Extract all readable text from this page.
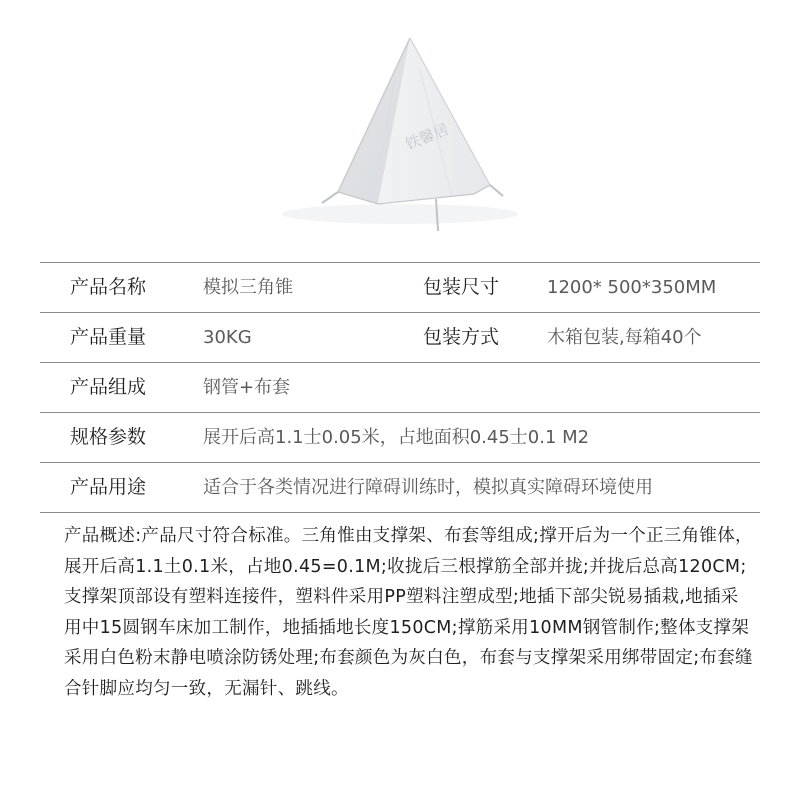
铁馨居
产品名称	模拟三角锥	包装尺寸	1200* 500*350MM
产品重量	30KG	包装方式	木箱包装,每箱40个
产品组成	钢管+布套
规格参数	展开后高1.1士0.05米，占地面积0.45士0.1 M2
产品用途	适合于各类情况进行障碍训练时，模拟真实障碍环境使用
产品概述:产品尺寸符合标准。三角惟由支撑架、布套等组成;撑开后为一个正三角锥体，展开后高1.1土0.1米，占地0.45=0.1M;收拢后三根撑筋全部并拢;并拢后总高120CM;支撑架顶部设有塑料连接件，塑料件采用PP塑料注塑成型;地插下部尖锐易插栽,地插采用中15圆钢车床加工制作，地插插地长度150CM;撑筋采用10MM钢管制作;整体支撑架采用白色粉末静电喷涂防锈处理;布套颜色为灰白色，布套与支撑架采用绑带固定;布套缝合针脚应均匀一致，无漏针、跳线。
